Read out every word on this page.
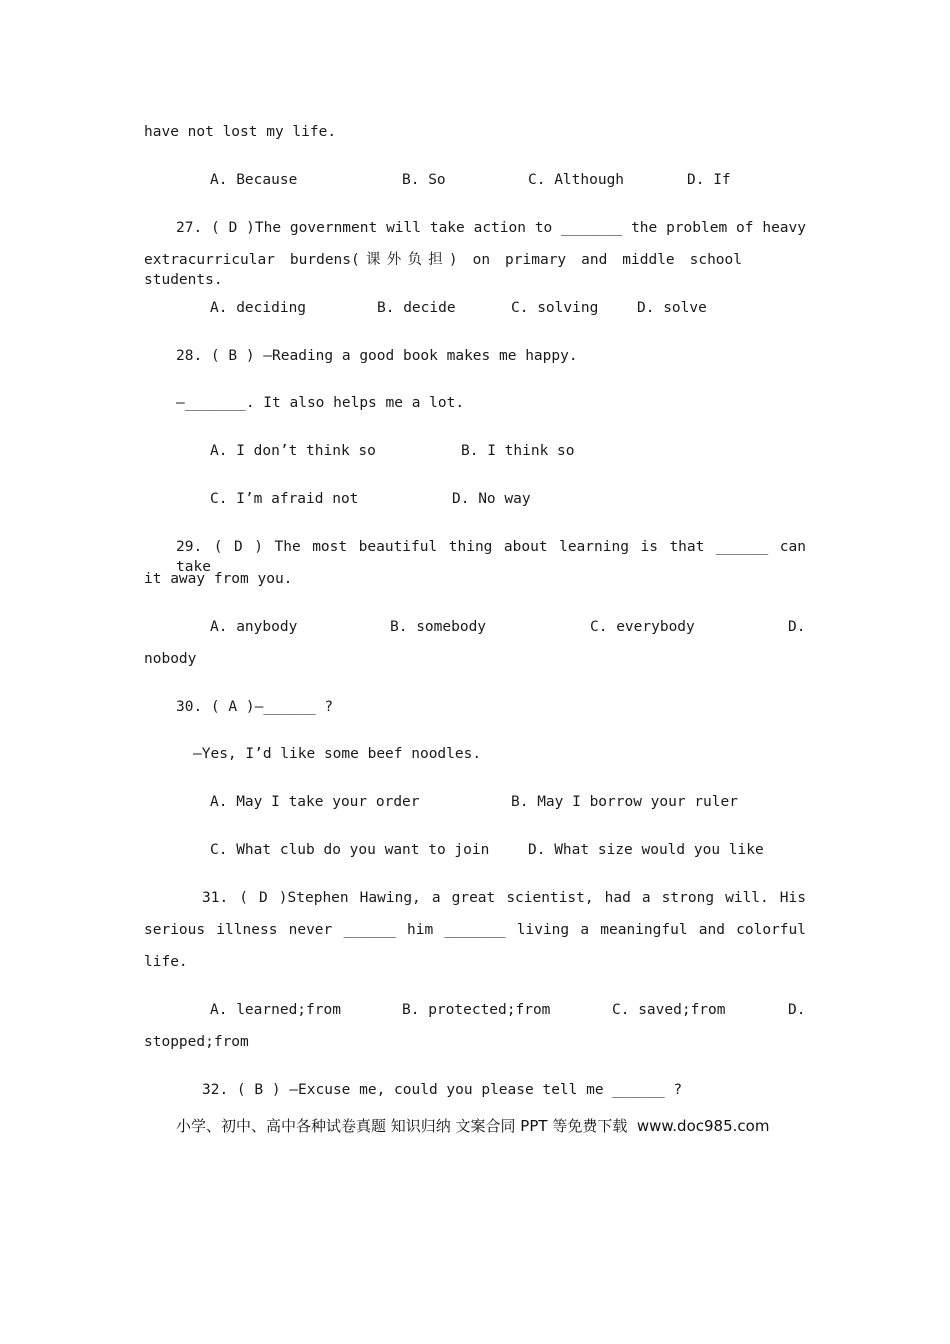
have not lost my life.

A. Because

	B. So

	C. Although

	D. If

27. ( D )The government will take action to _______ the problem of heavy
extracurricular burdens(课外负担) on primary and middle school students.

A. deciding

	B. decide

	C. solving

	D. solve

28. ( B ) —Reading a good book makes me happy.
—_______. It also helps me a lot.

A. I don’t think so

	B. I think so

C. I’m afraid not

	D. No way

29. ( D ) The most beautiful thing about learning is that ______ can take
it away from you.

A. anybody

	B. somebody

	C. everybody

	D.

nobody
30. ( A )—______ ?
—Yes, I’d like some beef noodles.

A. May I take your order

	B. May I borrow your ruler

C. What club do you want to join

	D. What size would you like

31. ( D )Stephen Hawing, a great scientist, had a strong will. His
serious illness never ______ him _______ living a meaningful and colorful
life.

A. learned;from

	B. protected;from

	C. saved;from

	D.

stopped;from
32. ( B ) —Excuse me, could you please tell me ______ ?
小学、初中、高中各种试卷真题 知识归纳 文案合同 PPT 等免费下载  www.doc985.com
